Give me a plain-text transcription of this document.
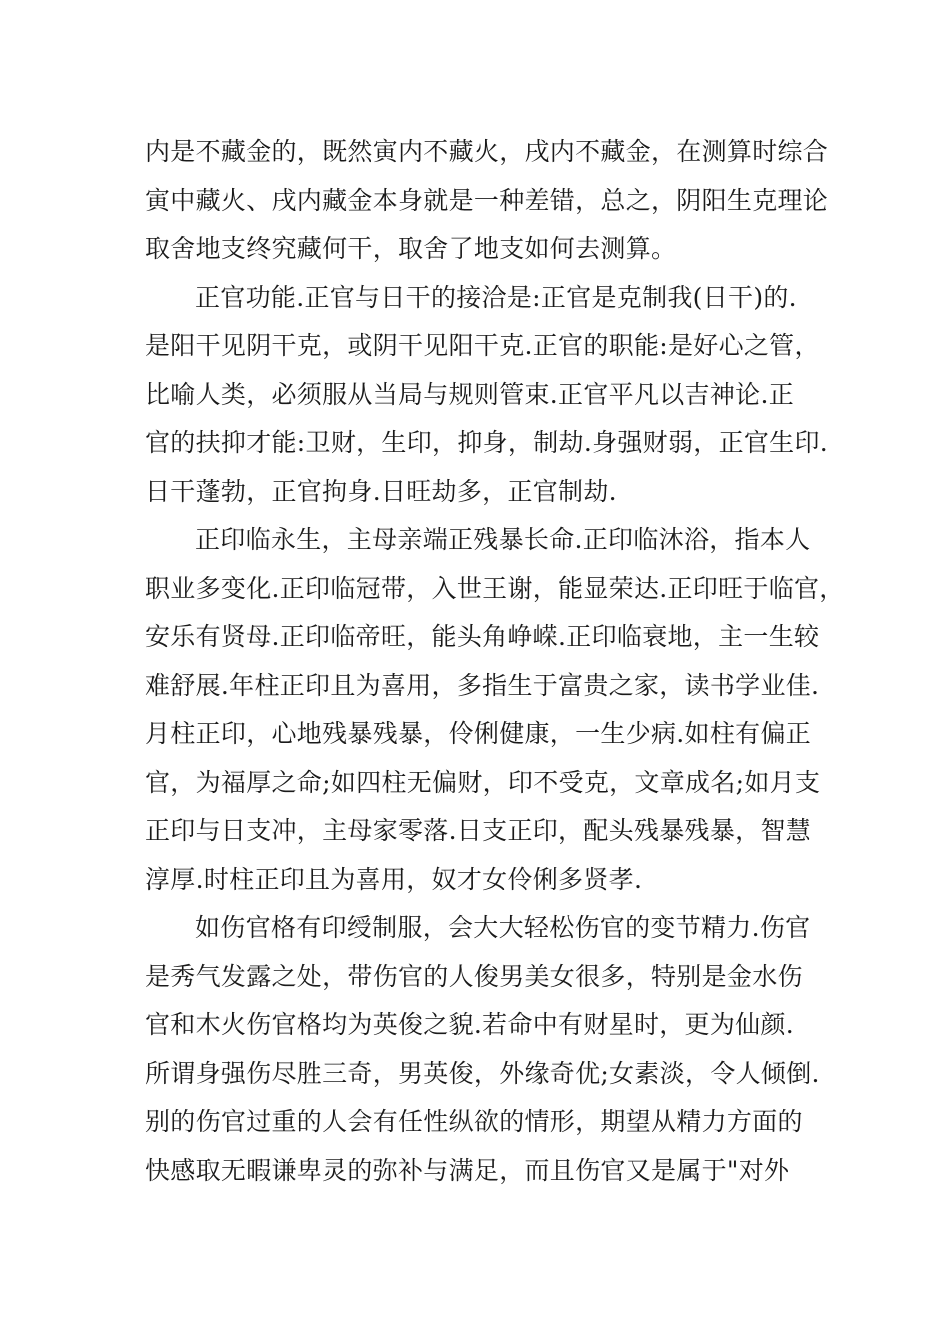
内是不藏金的，既然寅内不藏火，戌内不藏金，在测算时综合
寅中藏火、戌内藏金本身就是一种差错，总之，阴阳生克理论
取舍地支终究藏何干，取舍了地支如何去测算。
正官功能.正官与日干的接洽是:正官是克制我(日干)的.
是阳干见阴干克，或阴干见阳干克.正官的职能:是好心之管，
比喻人类，必须服从当局与规则管束.正官平凡以吉神论.正
官的扶抑才能:卫财，生印，抑身，制劫.身强财弱，正官生印.
日干蓬勃，正官拘身.日旺劫多，正官制劫.
正印临永生，主母亲端正残暴长命.正印临沐浴，指本人
职业多变化.正印临冠带，入世王谢，能显荣达.正印旺于临官，
安乐有贤母.正印临帝旺，能头角峥嵘.正印临衰地，主一生较
难舒展.年柱正印且为喜用，多指生于富贵之家，读书学业佳.
月柱正印，心地残暴残暴，伶俐健康，一生少病.如柱有偏正
官，为福厚之命;如四柱无偏财，印不受克，文章成名;如月支
正印与日支冲，主母家零落.日支正印，配头残暴残暴，智慧
淳厚.时柱正印且为喜用，奴才女伶俐多贤孝.
如伤官格有印绶制服，会大大轻松伤官的变节精力.伤官
是秀气发露之处，带伤官的人俊男美女很多，特别是金水伤
官和木火伤官格均为英俊之貌.若命中有财星时，更为仙颜.
所谓身强伤尽胜三奇，男英俊，外缘奇优;女素淡，令人倾倒.
别的伤官过重的人会有任性纵欲的情形，期望从精力方面的
快感取无暇谦卑灵的弥补与满足，而且伤官又是属于"对外
